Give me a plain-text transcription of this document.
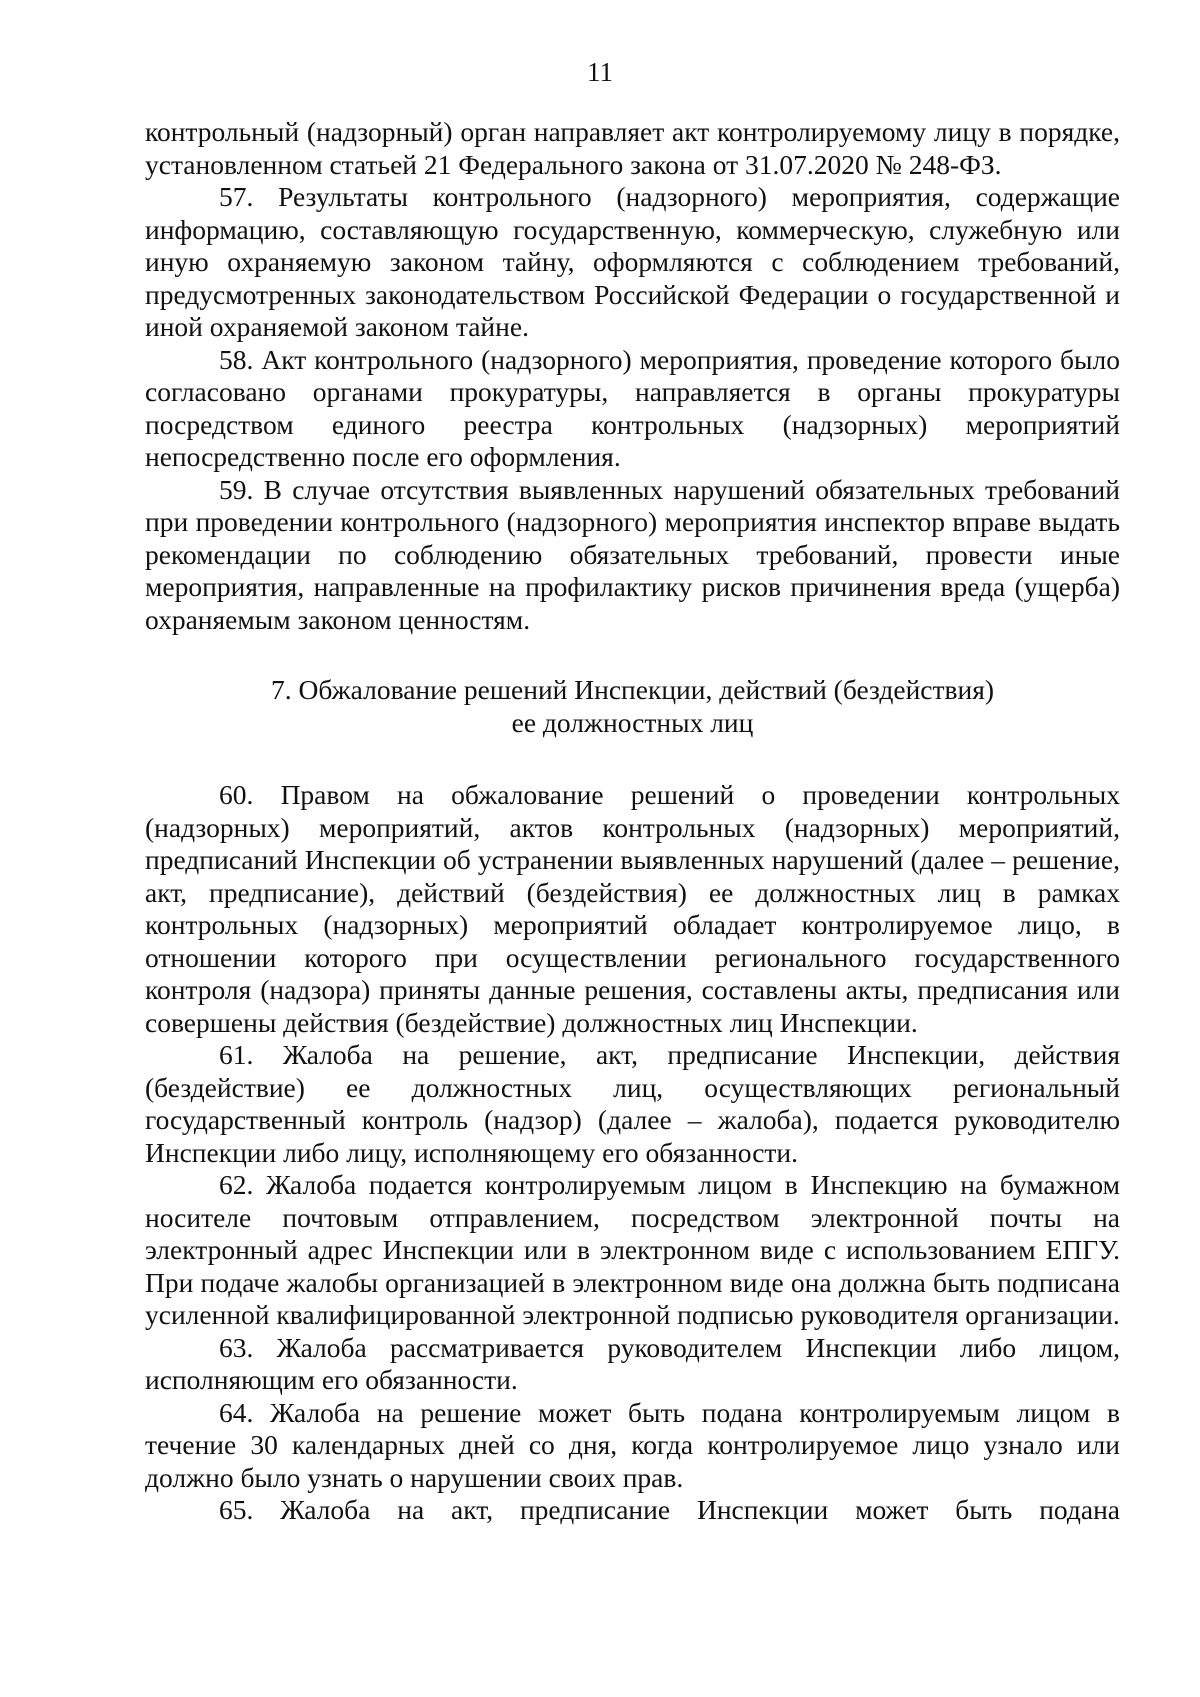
11

контрольный (надзорный) орган направляет акт контролируемому лицу в порядке, установленном статьей 21 Федерального закона от 31.07.2020 № 248-ФЗ.

57. Результаты контрольного (надзорного) мероприятия, содержащие информацию, составляющую государственную, коммерческую, служебную или иную охраняемую законом тайну, оформляются с соблюдением требований, предусмотренных законодательством Российской Федерации о государственной и иной охраняемой законом тайне.

58. Акт контрольного (надзорного) мероприятия, проведение которого было согласовано органами прокуратуры, направляется в органы прокуратуры посредством единого реестра контрольных (надзорных) мероприятий непосредственно после его оформления.

59. В случае отсутствия выявленных нарушений обязательных требований при проведении контрольного (надзорного) мероприятия инспектор вправе выдать рекомендации по соблюдению обязательных требований, провести иные мероприятия, направленные на профилактику рисков причинения вреда (ущерба) охраняемым законом ценностям.

7. Обжалование решений Инспекции, действий (бездействия)
ее должностных лиц

60. Правом на обжалование решений о проведении контрольных (надзорных) мероприятий, актов контрольных (надзорных) мероприятий, предписаний Инспекции об устранении выявленных нарушений (далее – решение, акт, предписание), действий (бездействия) ее должностных лиц в рамках контрольных (надзорных) мероприятий обладает контролируемое лицо, в отношении которого при осуществлении регионального государственного контроля (надзора) приняты данные решения, составлены акты, предписания или совершены действия (бездействие) должностных лиц Инспекции.

61. Жалоба на решение, акт, предписание Инспекции, действия (бездействие) ее должностных лиц, осуществляющих региональный государственный контроль (надзор) (далее – жалоба), подается руководителю Инспекции либо лицу, исполняющему его обязанности.

62. Жалоба подается контролируемым лицом в Инспекцию на бумажном носителе почтовым отправлением, посредством электронной почты на электронный адрес Инспекции или в электронном виде с использованием ЕПГУ. При подаче жалобы организацией в электронном виде она должна быть подписана усиленной квалифицированной электронной подписью руководителя организации.

63. Жалоба рассматривается руководителем Инспекции либо лицом, исполняющим его обязанности.

64. Жалоба на решение может быть подана контролируемым лицом в течение 30 календарных дней со дня, когда контролируемое лицо узнало или должно было узнать о нарушении своих прав.

65. Жалоба на акт, предписание Инспекции может быть подана
